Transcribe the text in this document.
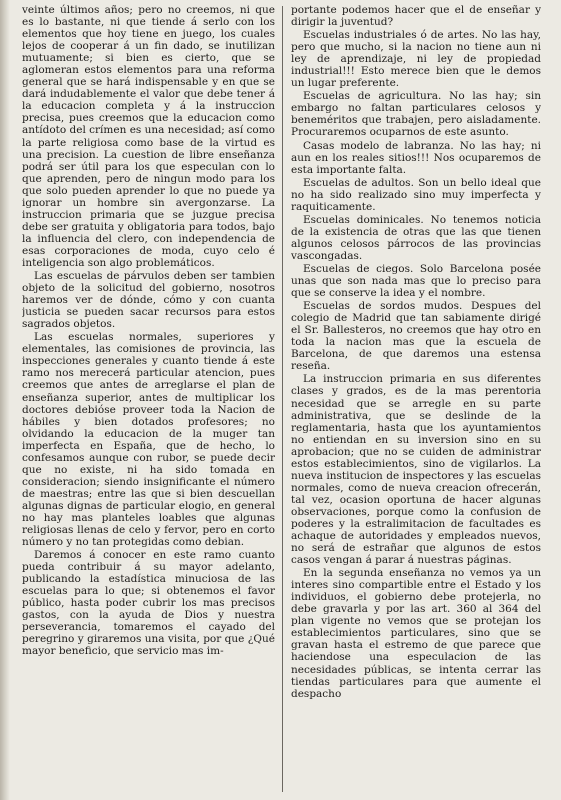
veinte últimos años; pero no creemos, ni que es lo bastante, ni que tiende á serlo con los elementos que hoy tiene en juego, los cuales lejos de cooperar á un fin dado, se inutilizan mutuamente; si bien es cierto, que se aglomeran estos elementos para una reforma general que se hará indispensable y en que se dará indudablemente el valor que debe tener á la educacion completa y á la instruccion precisa, pues creemos que la educacion como antídoto del crímen es una necesidad; así como la parte religiosa como base de la virtud es una precision. La cuestion de libre enseñanza podrá ser útil para los que especulan con lo que aprenden, pero de ningun modo para los que solo pueden aprender lo que no puede ya ignorar un hombre sin avergonzarse. La instruccion primaria que se juzgue precisa debe ser gratuita y obligatoria para todos, bajo la influencia del clero, con independencia de esas corporaciones de moda, cuyo celo é inteligencia son algo problemáticos.

Las escuelas de párvulos deben ser tambien objeto de la solicitud del gobierno, nosotros haremos ver de dónde, cómo y con cuanta justicia se pueden sacar recursos para estos sagrados objetos.

Las escuelas normales, superiores y elementales, las comisiones de provincia, las inspecciones generales y cuanto tiende á este ramo nos merecerá particular atencion, pues creemos que antes de arreglarse el plan de enseñanza superior, antes de multiplicar los doctores debióse proveer toda la Nacion de hábiles y bien dotados profesores; no olvidando la educacion de la muger tan imperfecta en España, que de hecho, lo confesamos aunque con rubor, se puede decir que no existe, ni ha sido tomada en consideracion; siendo insignificante el número de maestras; entre las que si bien descuellan algunas dignas de particular elogio, en general no hay mas planteles loables que algunas religiosas llenas de celo y fervor, pero en corto número y no tan protegidas como debian.

Daremos á conocer en este ramo cuanto pueda contribuir á su mayor adelanto, publicando la estadística minuciosa de las escuelas para lo que; si obtenemos el favor público, hasta poder cubrir los mas precisos gastos, con la ayuda de Dios y nuestra perseverancia, tomaremos el cayado del peregrino y giraremos una visita, por que ¿Qué mayor beneficio, que servicio mas im-

portante podemos hacer que el de enseñar y dirigir la juventud?

Escuelas industriales ó de artes. No las hay, pero que mucho, si la nacion no tiene aun ni ley de aprendizaje, ni ley de propiedad industrial!!! Esto merece bien que le demos un lugar preferente.

Escuelas de agricultura. No las hay; sin embargo no faltan particulares celosos y beneméritos que trabajen, pero aisladamente. Procuraremos ocuparnos de este asunto.

Casas modelo de labranza. No las hay; ni aun en los reales sitios!!! Nos ocuparemos de esta importante falta.

Escuelas de adultos. Son un bello ideal que no ha sido realizado sino muy imperfecta y raquiticamente.

Escuelas dominicales. No tenemos noticia de la existencia de otras que las que tienen algunos celosos párrocos de las provincias vascongadas.

Escuelas de ciegos. Solo Barcelona posée unas que son nada mas que lo preciso para que se conserve la idea y el nombre.

Escuelas de sordos mudos. Despues del colegio de Madrid que tan sabiamente dirigé el Sr. Ballesteros, no creemos que hay otro en toda la nacion mas que la escuela de Barcelona, de que daremos una estensa reseña.

La instruccion primaria en sus diferentes clases y grados, es de la mas perentoria necesidad que se arregle en su parte administrativa, que se deslinde de la reglamentaria, hasta que los ayuntamientos no entiendan en su inversion sino en su aprobacion; que no se cuiden de administrar estos establecimientos, sino de vigilarlos. La nueva institucion de inspectores y las escuelas normales, como de nueva creacion ofrecerán, tal vez, ocasion oportuna de hacer algunas observaciones, porque como la confusion de poderes y la estralimitacion de facultades es achaque de autoridades y empleados nuevos, no será de estrañar que algunos de estos casos vengan á parar á nuestras páginas.

En la segunda enseñanza no vemos ya un interes sino compartible entre el Estado y los individuos, el gobierno debe protejerla, no debe gravarla y por las art. 360 al 364 del plan vigente no vemos que se protejan los establecimientos particulares, sino que se gravan hasta el estremo de que parece que haciendose una especulacion de las necesidades públicas, se intenta cerrar las tiendas particulares para que aumente el despacho
